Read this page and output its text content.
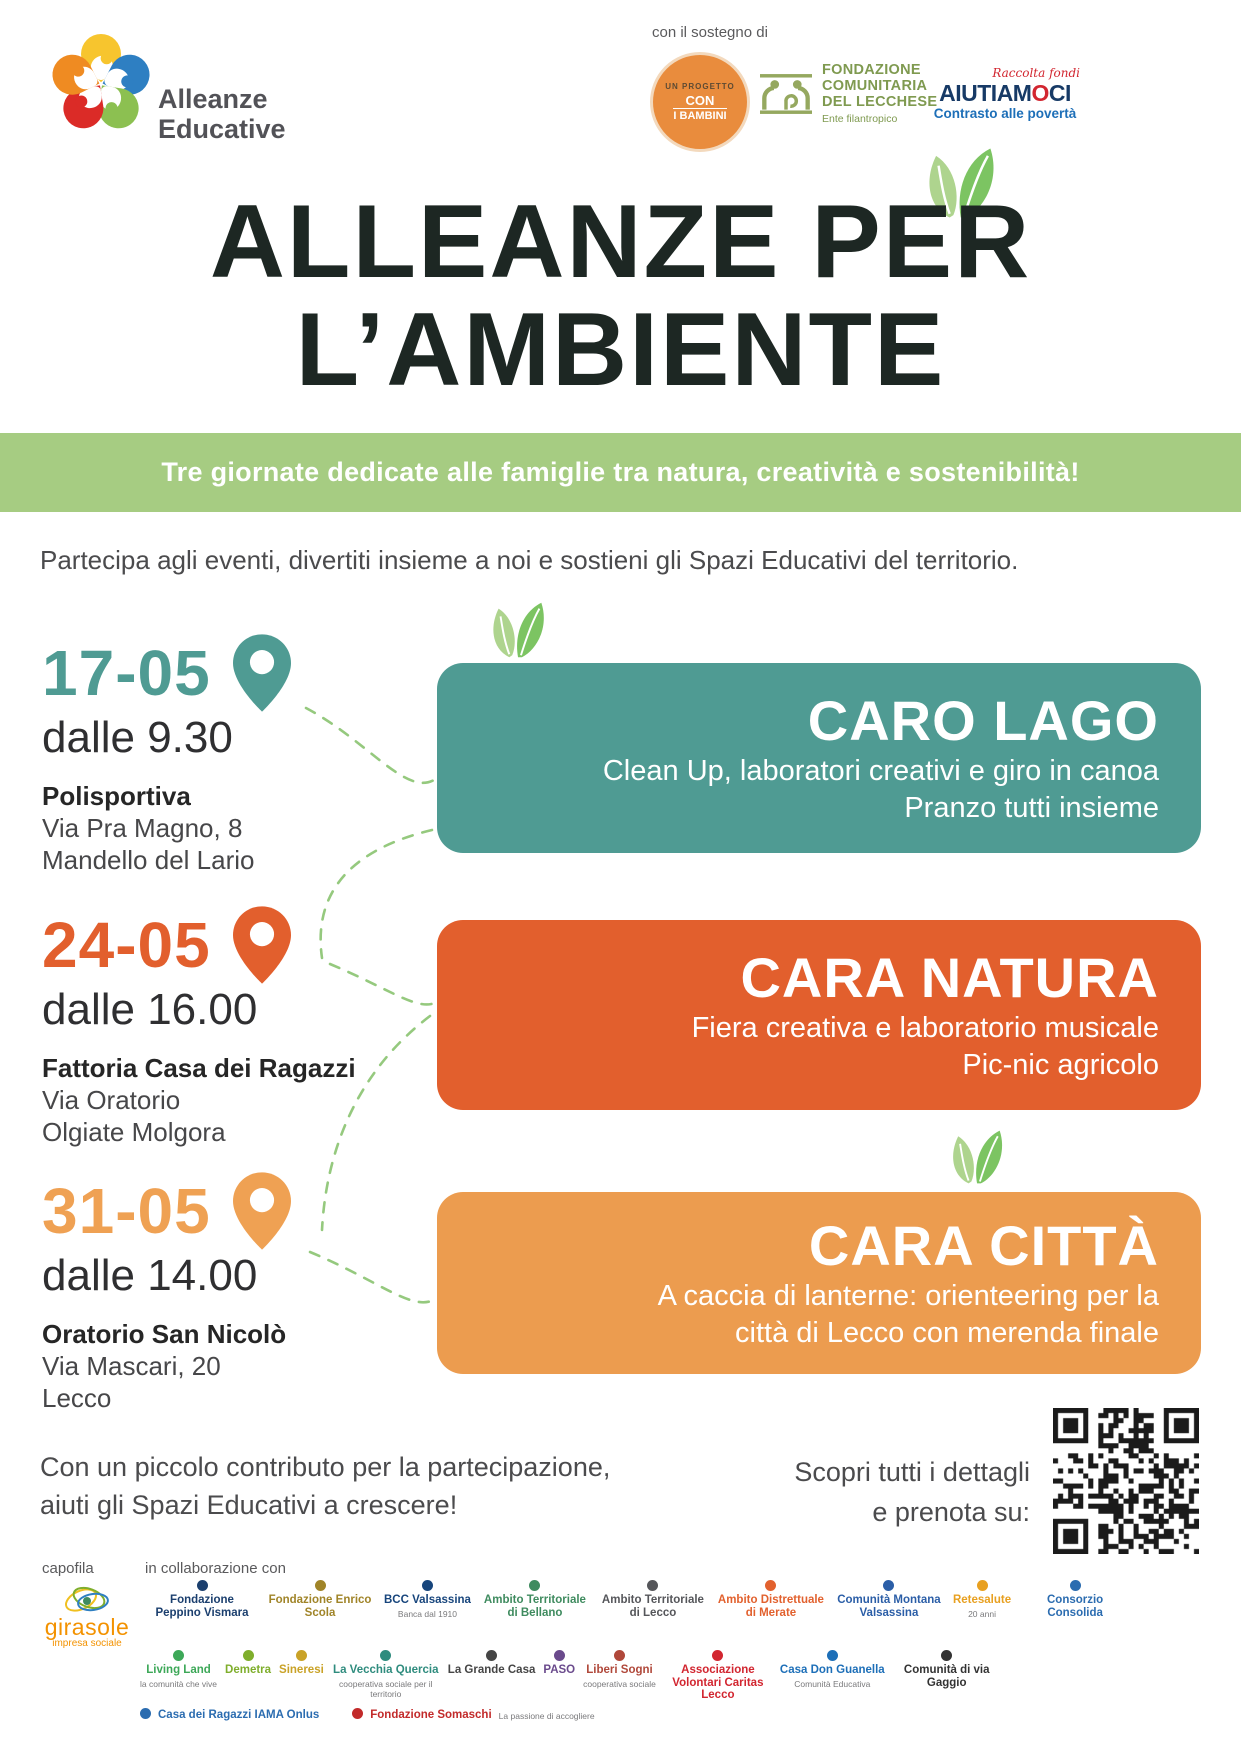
Alleanze
Educative
con il sostegno di
UN PROGETTO
CON
I BAMBINI
FONDAZIONE
COMUNITARIA
DEL LECCHESE
Ente filantropico
Raccolta fondi
AIUTIAMOCI
Contrasto alle povertà
ALLEANZE PER
L’AMBIENTE
Tre giornate dedicate alle famiglie tra natura, creatività e sostenibilità!
Partecipa agli eventi, divertiti insieme a noi e sostieni gli Spazi Educativi del territorio.
17-05
dalle 9.30
Polisportiva
Via Pra Magno, 8
Mandello del Lario
CARO LAGO
Clean Up, laboratori creativi e giro in canoa
Pranzo tutti insieme
24-05
dalle 16.00
Fattoria Casa dei Ragazzi
Via Oratorio
Olgiate Molgora
CARA NATURA
Fiera creativa e laboratorio musicale
Pic-nic agricolo
31-05
dalle 14.00
Oratorio San Nicolò
Via Mascari, 20
Lecco
CARA CITTÀ
A caccia di lanterne: orienteering per la
città di Lecco con merenda finale
Con un piccolo contributo per la partecipazione,
aiuti gli Spazi Educativi a crescere!
Scopri tutti i dettagli
e prenota su:
capofila	in collaborazione con
girasole
impresa sociale
Fondazione Peppino Vismara
Fondazione Enrico Scola
BCC Valsassina
Banca dal 1910
Ambito Territoriale di Bellano
Ambito Territoriale di Lecco
Ambito Distrettuale di Merate
Comunità Montana Valsassina
Retesalute
20 anni
Consorzio Consolida
Living Land
la comunità che vive
Demetra Sineresi La Vecchia Quercia
cooperativa sociale per il territorio
La Grande Casa PASO Liberi Sogni
cooperativa sociale
Associazione Volontari Caritas Lecco
Casa Don Guanella
Comunità Educativa
Comunità di via Gaggio
Casa dei Ragazzi IAMA Onlus	Fondazione Somaschi La passione di accogliere
